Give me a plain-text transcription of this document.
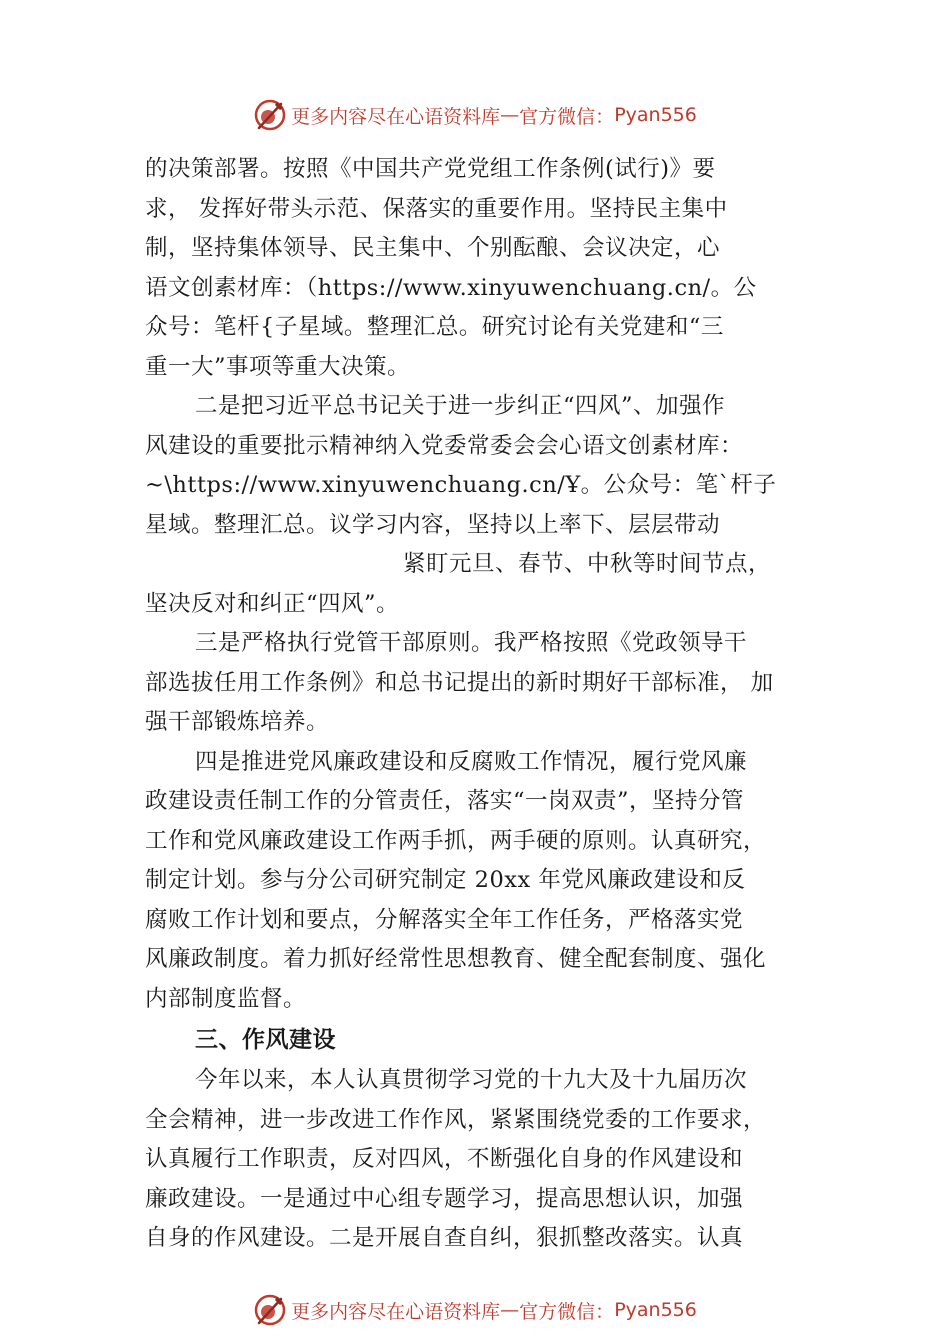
更多内容尽在心语资料库 — 官方微信： Pyan556

的决策部署。按照《中国共产党党组工作条例(试行)》要

求， 发挥好带头示范、保落实的重要作用。坚持民主集中

制，坚持集体领导、民主集中、个别酝酿、会议决定，心

语文创素材库：（https://www.xinyuwenchuang.cn/。公

众号：笔杆{子星域。整理汇总。研究讨论有关党建和“三

重一大”事项等重大决策。

二是把习近平总书记关于进一步纠正“四风”、加强作

风建设的重要批示精神纳入党委常委会会心语文创素材库：

~\https://www.xinyuwenchuang.cn/Ұ。公众号：笔`杆子

星域。整理汇总。议学习内容，坚持以上率下、层层带动

紧盯元旦、春节、中秋等时间节点，

坚决反对和纠正“四风”。

三是严格执行党管干部原则。我严格按照《党政领导干

部选拔任用工作条例》和总书记提出的新时期好干部标准， 加

强干部锻炼培养。

四是推进党风廉政建设和反腐败工作情况，履行党风廉

政建设责任制工作的分管责任，落实“一岗双责”，坚持分管

工作和党风廉政建设工作两手抓，两手硬的原则。认真研究，

制定计划。参与分公司研究制定 20xx 年党风廉政建设和反

腐败工作计划和要点，分解落实全年工作任务，严格落实党

风廉政制度。着力抓好经常性思想教育、健全配套制度、强化

内部制度监督。

三、作风建设

今年以来，本人认真贯彻学习党的十九大及十九届历次

全会精神，进一步改进工作作风，紧紧围绕党委的工作要求，

认真履行工作职责，反对四风，不断强化自身的作风建设和

廉政建设。一是通过中心组专题学习，提高思想认识，加强

自身的作风建设。二是开展自查自纠，狠抓整改落实。认真

更多内容尽在心语资料库 — 官方微信： Pyan556
